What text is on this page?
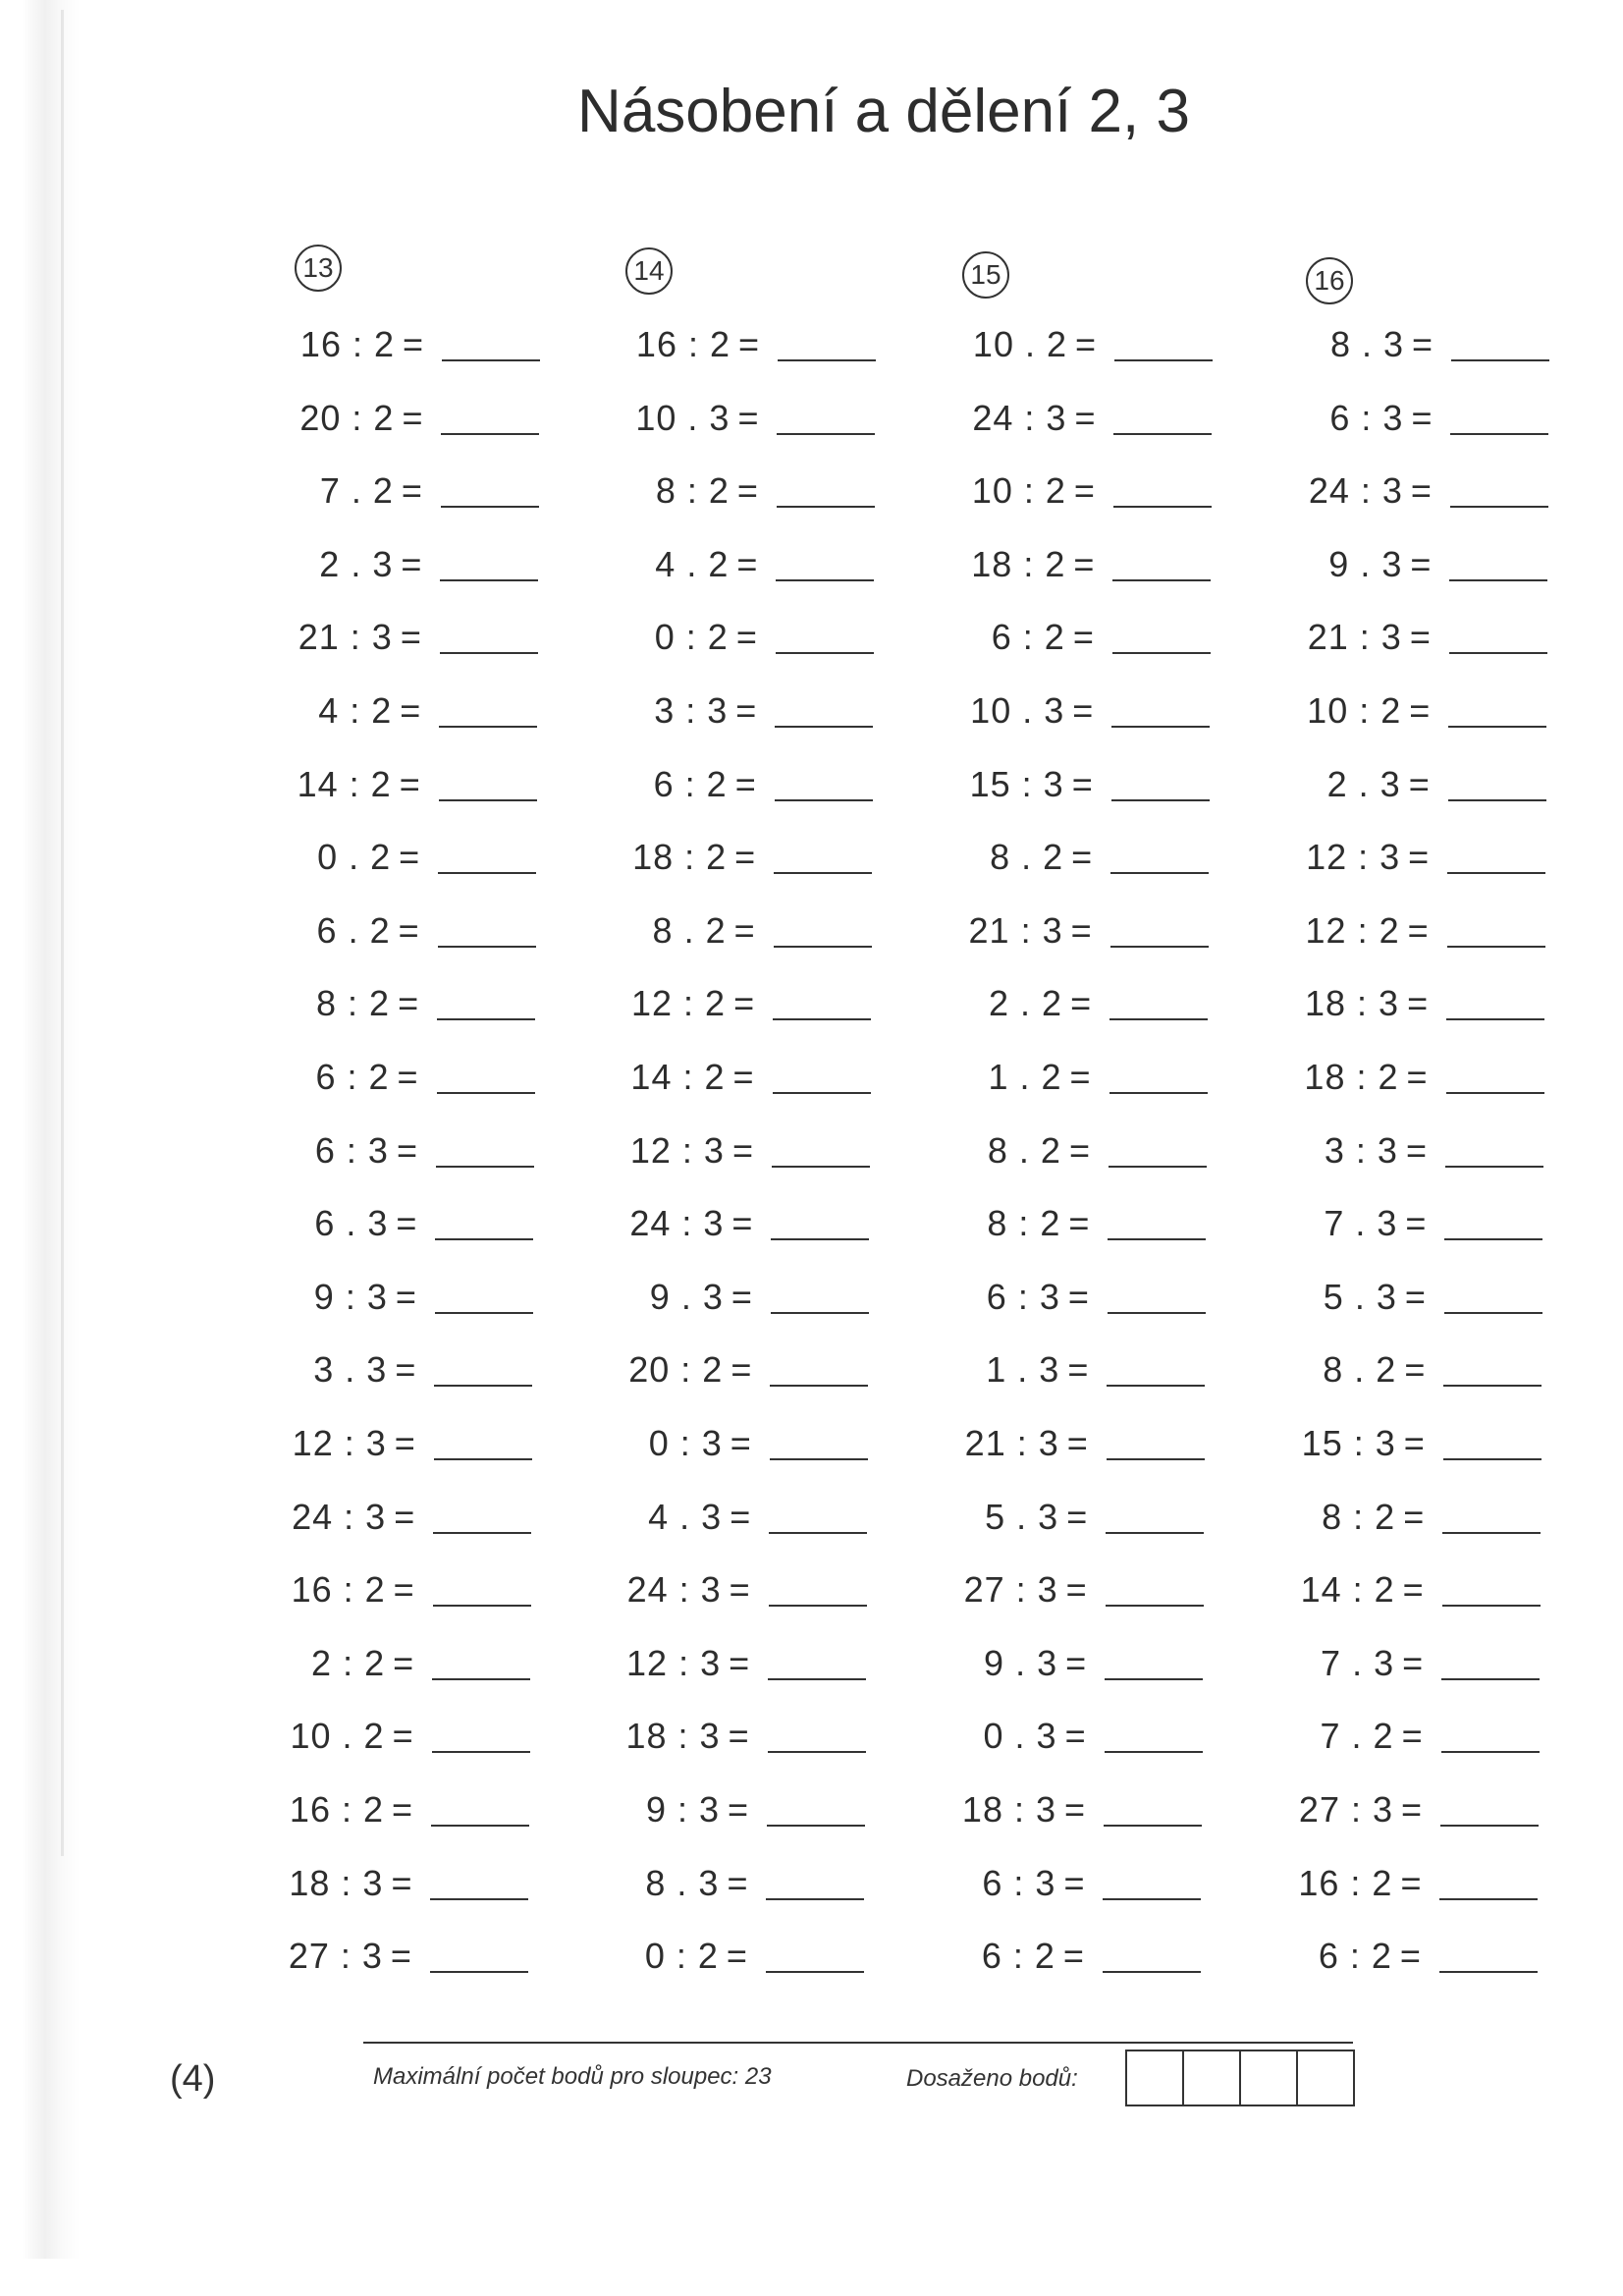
Násobení a dělení 2, 3
13
16 : 2 =
20 : 2 =
7 . 2 =
2 . 3 =
21 : 3 =
4 : 2 =
14 : 2 =
0 . 2 =
6 . 2 =
8 : 2 =
6 : 2 =
6 : 3 =
6 . 3 =
9 : 3 =
3 . 3 =
12 : 3 =
24 : 3 =
16 : 2 =
2 : 2 =
10 . 2 =
16 : 2 =
18 : 3 =
27 : 3 =
14
16 : 2 =
10 . 3 =
8 : 2 =
4 . 2 =
0 : 2 =
3 : 3 =
6 : 2 =
18 : 2 =
8 . 2 =
12 : 2 =
14 : 2 =
12 : 3 =
24 : 3 =
9 . 3 =
20 : 2 =
0 : 3 =
4 . 3 =
24 : 3 =
12 : 3 =
18 : 3 =
9 : 3 =
8 . 3 =
0 : 2 =
15
10 . 2 =
24 : 3 =
10 : 2 =
18 : 2 =
6 : 2 =
10 . 3 =
15 : 3 =
8 . 2 =
21 : 3 =
2 . 2 =
1 . 2 =
8 . 2 =
8 : 2 =
6 : 3 =
1 . 3 =
21 : 3 =
5 . 3 =
27 : 3 =
9 . 3 =
0 . 3 =
18 : 3 =
6 : 3 =
6 : 2 =
16
8 . 3 =
6 : 3 =
24 : 3 =
9 . 3 =
21 : 3 =
10 : 2 =
2 . 3 =
12 : 3 =
12 : 2 =
18 : 3 =
18 : 2 =
3 : 3 =
7 . 3 =
5 . 3 =
8 . 2 =
15 : 3 =
8 : 2 =
14 : 2 =
7 . 3 =
7 . 2 =
27 : 3 =
16 : 2 =
6 : 2 =
(4)	Maximální počet bodů pro sloupec: 23	Dosaženo bodů:
